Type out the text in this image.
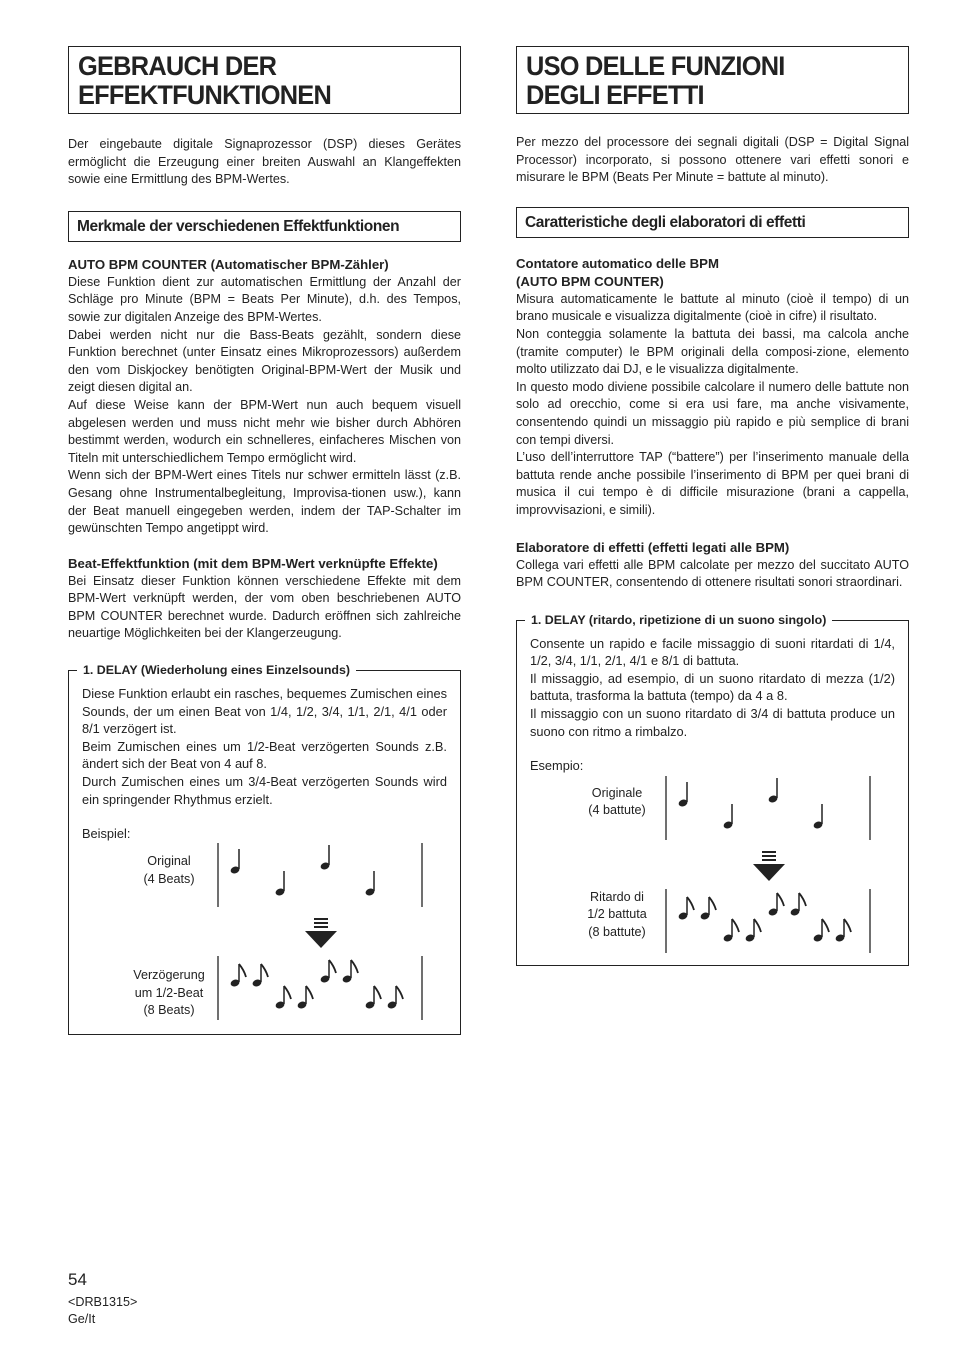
GEBRAUCH DER
EFFEKTFUNKTIONEN

Der eingebaute digitale Signaprozessor (DSP) dieses Gerätes ermöglicht die Erzeugung einer breiten Auswahl an Klangeffekten sowie eine Ermittlung des BPM-Wertes.

Merkmale der verschiedenen Effektfunktionen
AUTO BPM COUNTER (Automatischer BPM-Zähler)

Diese Funktion dient zur automatischen Ermittlung der Anzahl der Schläge pro Minute (BPM = Beats Per Minute), d.h. des Tempos, sowie zur digitalen Anzeige des BPM-Wertes.

Dabei werden nicht nur die Bass-Beats gezählt, sondern diese Funktion berechnet (unter Einsatz eines Mikroprozessors) außerdem den vom Diskjockey benötigten Original-BPM-Wert der Musik und zeigt diesen digital an.

Auf diese Weise kann der BPM-Wert nun auch bequem visuell abgelesen werden und muss nicht mehr wie bisher durch Abhören bestimmt werden, wodurch ein schnelleres, einfacheres Mischen von Titeln mit unterschiedlichem Tempo ermöglicht wird.

Wenn sich der BPM-Wert eines Titels nur schwer ermitteln lässt (z.B. Gesang ohne Instrumentalbegleitung, Improvisa-tionen usw.), kann der Beat manuell eingegeben werden, indem der TAP-Schalter im gewünschten Tempo angetippt wird.

Beat-Effektfunktion (mit dem BPM-Wert verknüpfte Effekte)

Bei Einsatz dieser Funktion können verschiedene Effekte mit dem BPM-Wert verknüpft werden, der vom oben beschriebenen AUTO BPM COUNTER berechnet wurde. Dadurch eröffnen sich zahlreiche neuartige Möglichkeiten bei der Klangerzeugung.

1. DELAY (Wiederholung eines Einzelsounds)

Diese Funktion erlaubt ein rasches, bequemes Zumischen eines Sounds, der um einen Beat von 1/4, 1/2, 3/4, 1/1, 2/1, 4/1 oder 8/1 verzögert ist.

Beim Zumischen eines um 1/2-Beat verzögerten Sounds z.B. ändert sich der Beat von 4 auf 8.

Durch Zumischen eines um 3/4-Beat verzögerten Sounds wird ein springender Rhythmus erzielt.

Beispiel:

Original
(4 Beats)
Verzögerung
um 1/2-Beat
(8 Beats)
USO DELLE FUNZIONI
DEGLI EFFETTI

Per mezzo del processore dei segnali digitali (DSP = Digital Signal Processor) incorporato, si possono ottenere vari effetti sonori e misurare le BPM (Beats Per Minute = battute al minuto).

Caratteristiche degli elaboratori di effetti
Contatore automatico delle BPM
(AUTO BPM COUNTER)

Misura automaticamente le battute al minuto (cioè il tempo) di un brano musicale e visualizza digitalmente (cioè in cifre) il risultato.

Non conteggia solamente la battuta dei bassi, ma calcola anche (tramite computer) le BPM originali della composi-zione, elemento molto utilizzato dai DJ, e le visualizza digitalmente.

In questo modo diviene possibile calcolare il numero delle battute non solo ad orecchio, come si era usi fare, ma anche visivamente, consentendo quindi un missaggio più rapido e più semplice di brani con tempi diversi.

L’uso dell’interruttore TAP (“battere”) per l’inserimento manuale della battuta rende anche possibile l’inserimento di BPM per quei brani di musica il cui tempo è di difficile misurazione (brani a cappella, improvvisazioni, e simili).

Elaboratore di effetti (effetti legati alle BPM)

Collega vari effetti alle BPM calcolate per mezzo del succitato AUTO BPM COUNTER, consentendo di ottenere risultati sonori straordinari.

1. DELAY (ritardo, ripetizione di un suono singolo)

Consente un rapido e facile missaggio di suoni ritardati di 1/4, 1/2, 3/4, 1/1, 2/1, 4/1 e 8/1 di battuta.

Il missaggio, ad esempio, di un suono ritardato di mezza (1/2) battuta, trasforma la battuta (tempo) da 4 a 8.

Il missaggio con un suono ritardato di 3/4 di battuta produce un suono con ritmo a rimbalzo.

Esempio:

Originale
(4 battute)
Ritardo di
1/2 battuta
(8 battute)
54
<DRB1315>
Ge/It
